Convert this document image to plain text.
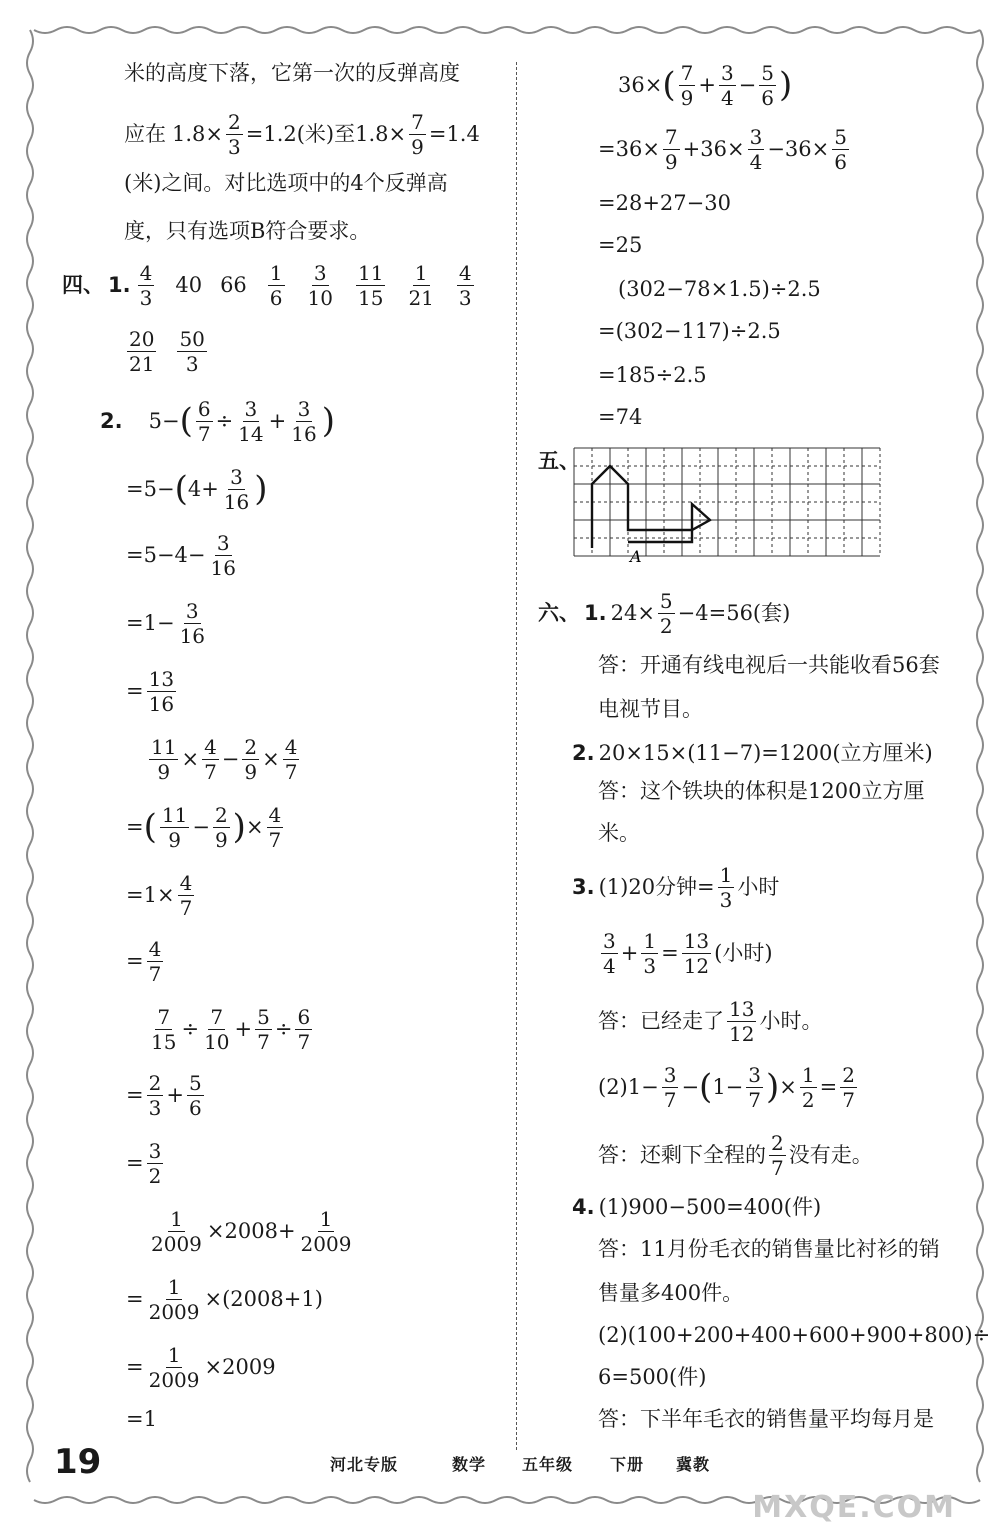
米的高度下落，它第一次的反弹高度
应在 $1.8\times \frac{2}{3} =1.2$(米)至$1.8\times \frac{7}{9} =1.4$
(米)之间。对比选项中的4个反弹高
度，只有选项B符合要求。
四、 1. $\frac{4}{3} 40$ $66 \frac{1}{6} \frac{3}{10} \frac{11}{15} \frac{1}{21} \frac{4}{3}$
$\frac{20}{21} \frac{50}{3}$
2. 5− ( $\frac{6}{7} \div \frac{3}{14} + \frac{3}{16}$ )
=5− ( $4+ \frac{3}{16}$ )
$=5-4- \frac{3}{16}$
$=1- \frac{3}{16}$
= $\frac{13}{16}$
$\frac{11}{9} \times \frac{4}{7} - \frac{2}{9} \times \frac{4}{7}$
= ( $\frac{11}{9} - \frac{2}{9}$ ) × $\frac{4}{7}$
$=1\times \frac{4}{7}$
= $\frac{4}{7}$
$\frac{7}{15} \div \frac{7}{10} + \frac{5}{7} \div \frac{6}{7}$
= $\frac{2}{3} + \frac{5}{6}$
= $\frac{3}{2}$
$\frac{1}{2009} \times 2008+ \frac{1}{2009}$
= $\frac{1}{2009} \times(2008+1)$
= $\frac{1}{2009} \times 2009$
=1
36× ( $\frac{7}{9} + \frac{3}{4} - \frac{5}{6}$ )
$=36\times \frac{7}{9} +36\times \frac{3}{4} -36\times \frac{5}{6}$
=28+27−30
=25
(302−78×1.5)÷2.5
=(302−117)÷2.5
=185÷2.5
=74
五、
A
六、 1. $24\times \frac{5}{2} -4=56$(套)
答：开通有线电视后一共能收看56套
电视节目。
2. 20×15×(11−7)=1200(立方厘米)
答：这个铁块的体积是1200立方厘
米。
3. (1)20分钟= $\frac{1}{3}$ 小时
$\frac{3}{4} + \frac{1}{3} = \frac{13}{12}$ (小时)
答：已经走了 $\frac{13}{12}$ 小时。
$(2)1- \frac{3}{7}$ − ( $1- \frac{3}{7}$ ) × $\frac{1}{2} = \frac{2}{7}$
答：还剩下全程的 $\frac{2}{7}$ 没有走。
4. (1)900−500=400(件)
答：11月份毛衣的销售量比衬衫的销
售量多400件。
(2)(100+200+400+600+900+800)÷
6=500(件)
答：下半年毛衣的销售量平均每月是
19	河北专版	数学 五年级 下册 冀教
MXQE.COM
